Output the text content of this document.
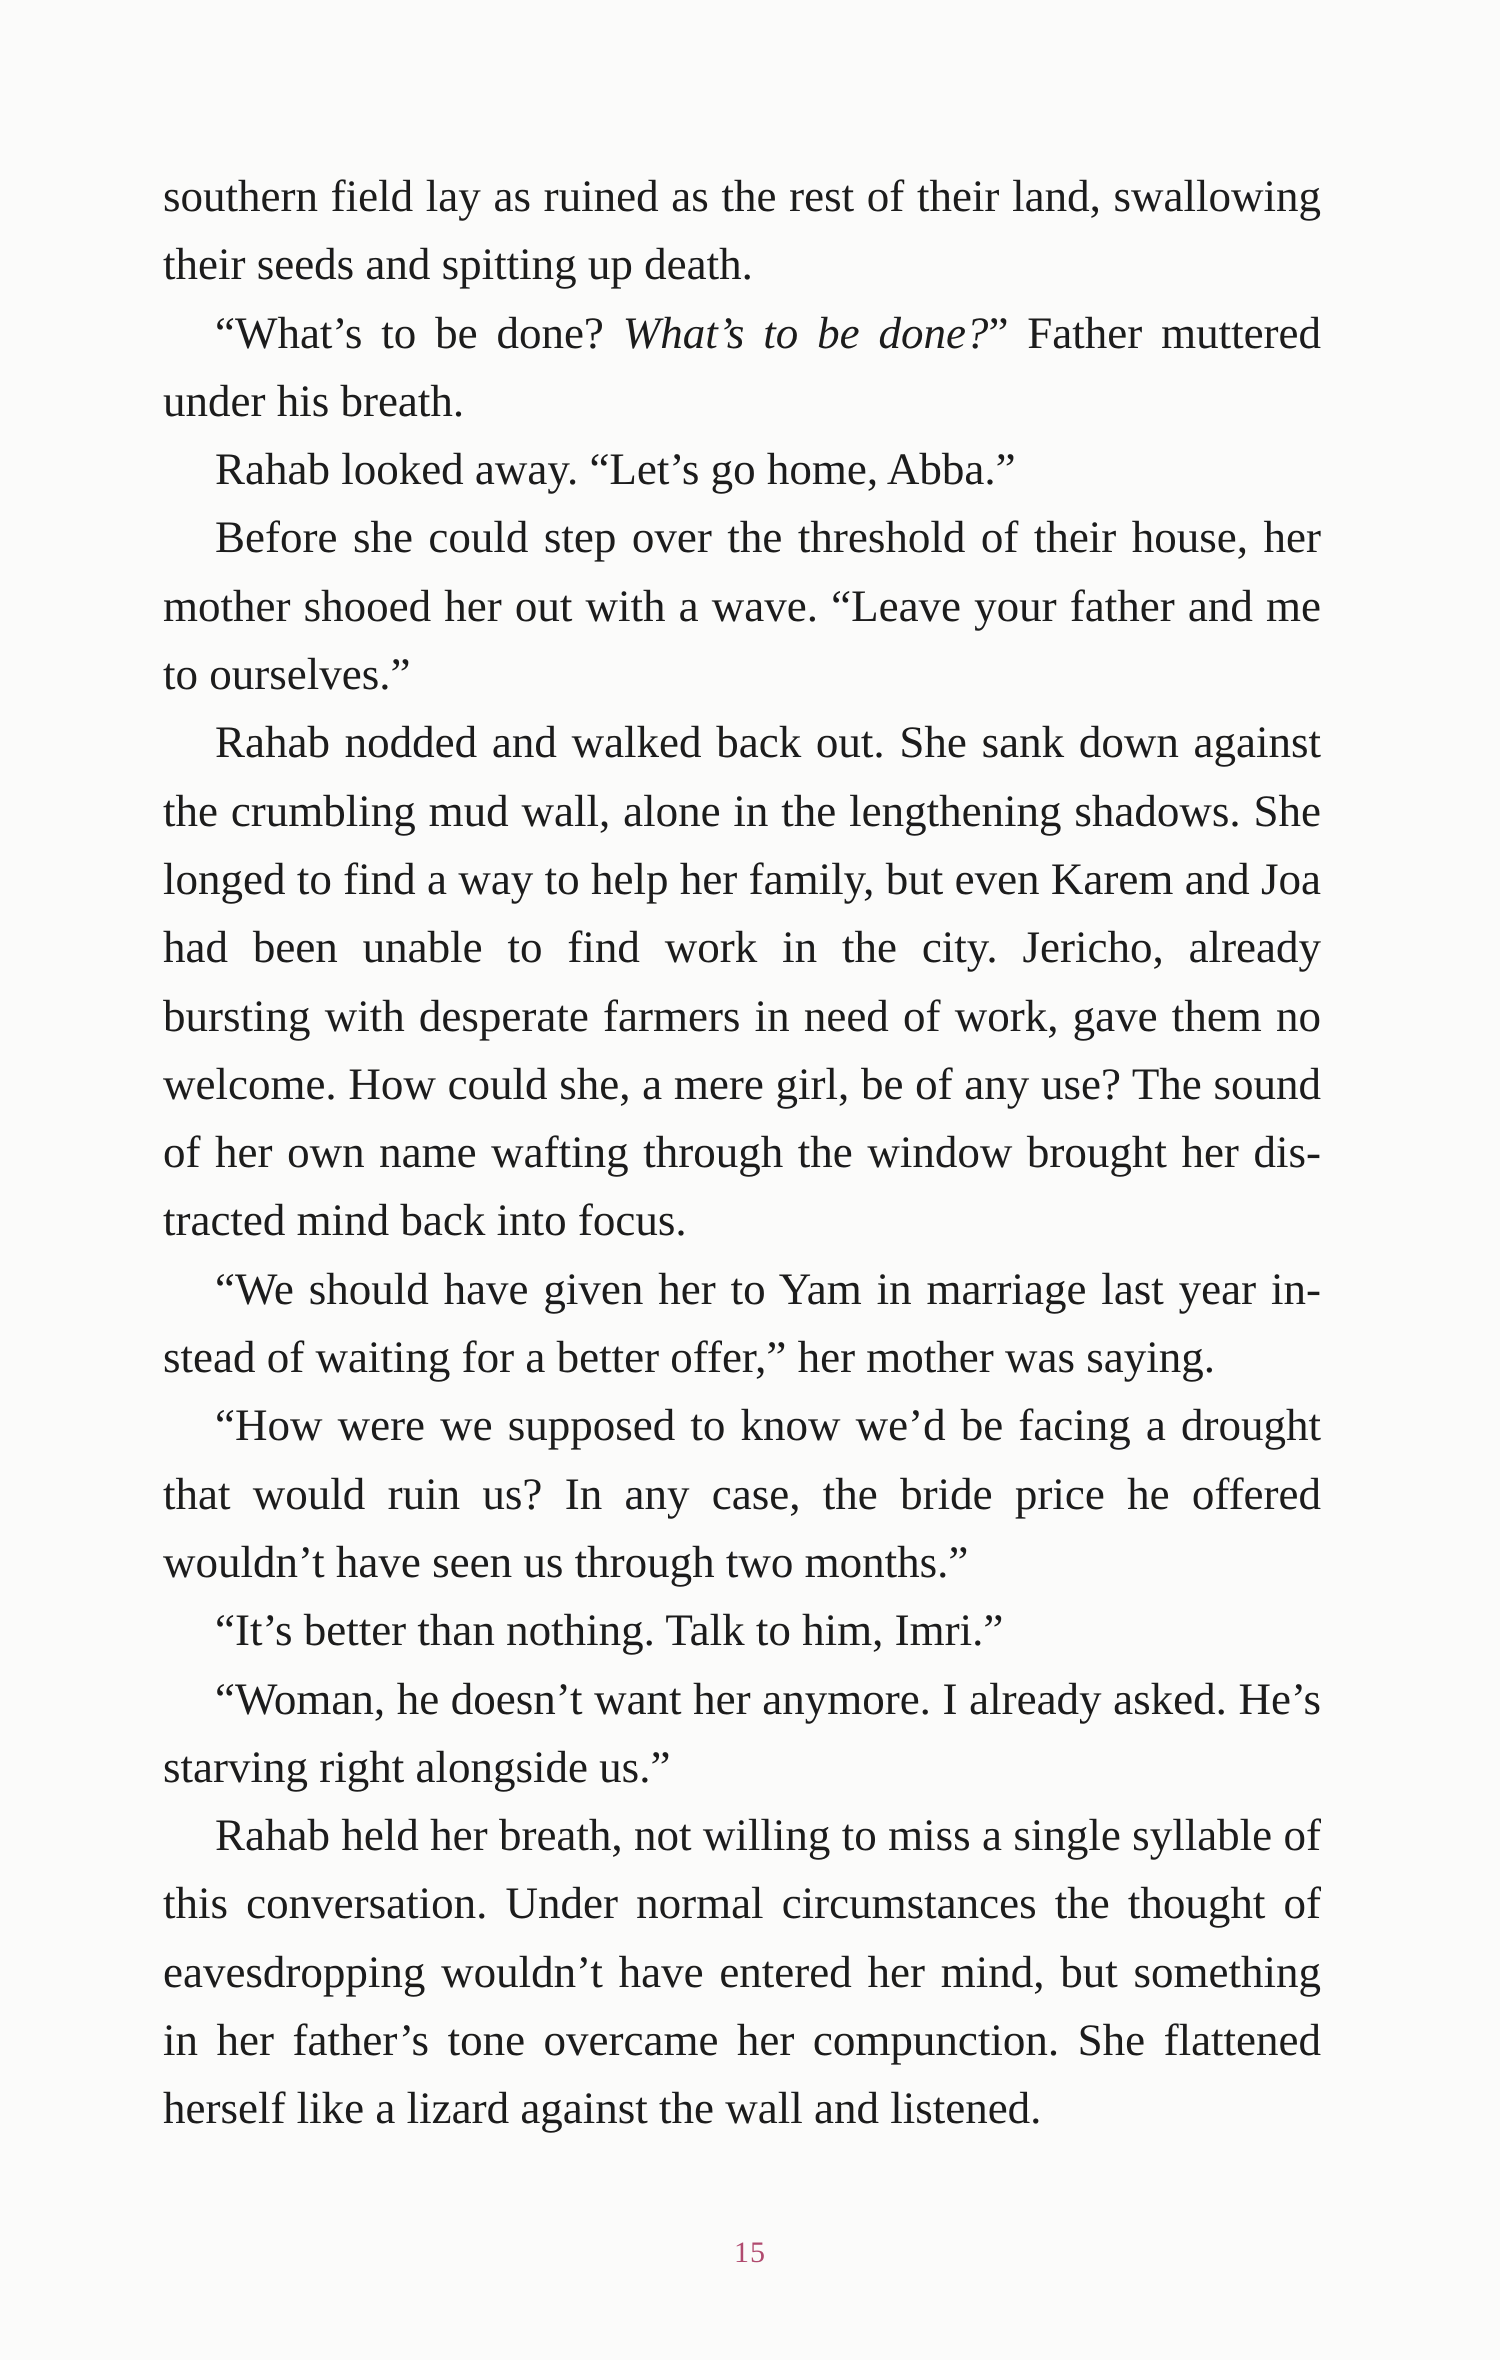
southern field lay as ruined as the rest of their land, swallowing their seeds and spitting up death.

“What’s to be done? What’s to be done?” Father muttered under his breath.

Rahab looked away. “Let’s go home, Abba.”

Before she could step over the threshold of their house, her mother shooed her out with a wave. “Leave your father and me to ourselves.”

Rahab nodded and walked back out. She sank down against the crumbling mud wall, alone in the lengthening shadows. She longed to find a way to help her family, but even Karem and Joa had been unable to find work in the city. Jericho, already bursting with desperate farmers in need of work, gave them no welcome. How could she, a mere girl, be of any use? The sound of her own name wafting through the window brought her distracted mind back into focus.

“We should have given her to Yam in marriage last year instead of waiting for a better offer,” her mother was saying.

“How were we supposed to know we’d be facing a drought that would ruin us? In any case, the bride price he offered wouldn’t have seen us through two months.”

“It’s better than nothing. Talk to him, Imri.”

“Woman, he doesn’t want her anymore. I already asked. He’s starving right alongside us.”

Rahab held her breath, not willing to miss a single syllable of this conversation. Under normal circumstances the thought of eavesdropping wouldn’t have entered her mind, but something in her father’s tone overcame her compunction. She flattened herself like a lizard against the wall and listened.

15
